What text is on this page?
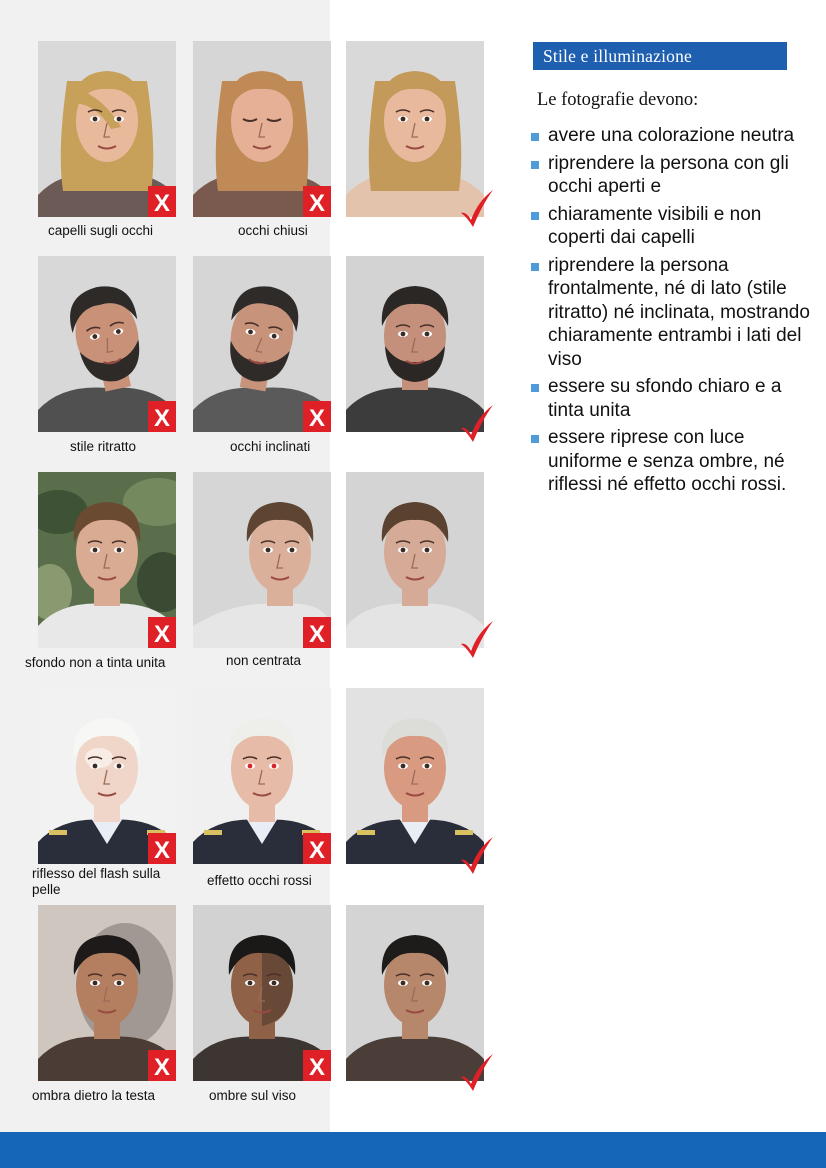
X
capelli sugli occhi
X
occhi chiusi
X
stile ritratto
X
occhi inclinati
X
sfondo non a tinta unita
X
non centrata
X
riflesso del flash sulla pelle
X
effetto occhi rossi
X
ombra dietro la testa
X
ombre sul viso
Stile e illuminazione
Le fotografie devono:
avere una colorazione neutra
riprendere la persona con gli occhi aperti e
chiaramente visibili e non coperti dai capelli
riprendere la persona frontalmente, né di lato (stile ritratto) né inclinata, mostrando chiaramente entrambi i lati del viso
essere su sfondo chiaro e a tinta unita
essere riprese con luce uniforme e senza ombre, né riflessi né effetto occhi rossi.
